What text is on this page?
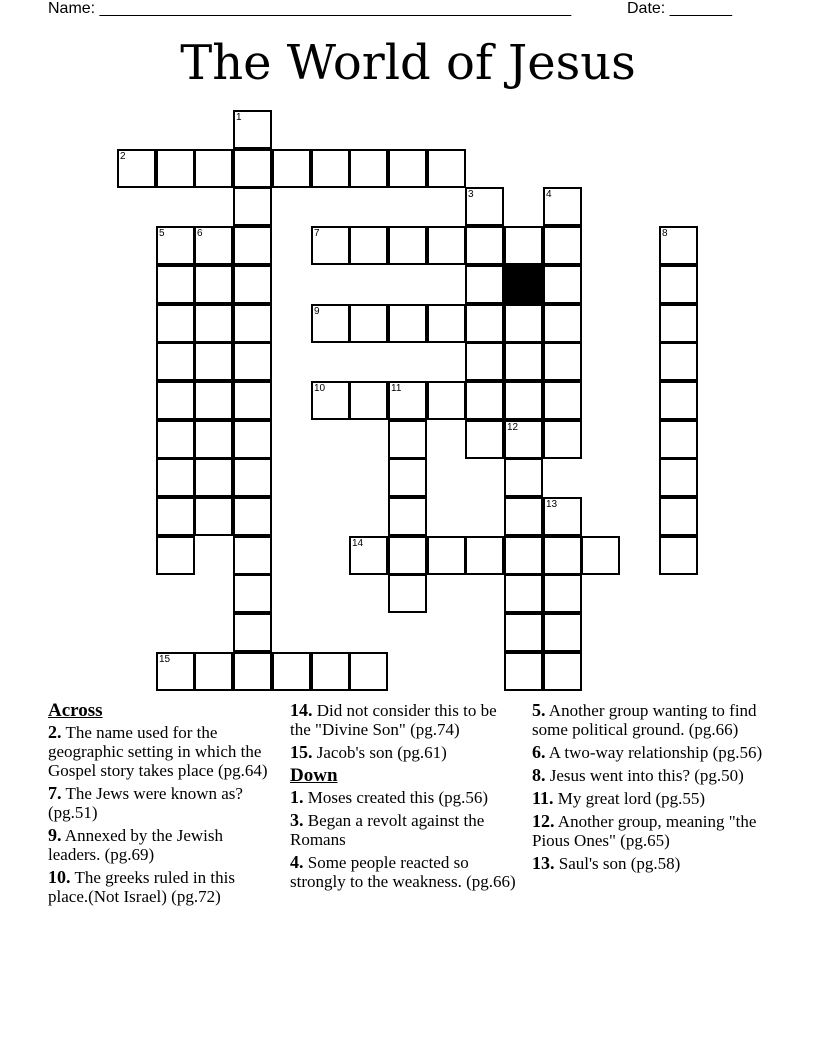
Name: _____________________________________________________	Date: _______
The World of Jesus
1
2
3	4
5	6	7	8
9
10	11
12
13
14
15
Across
2. The name used for the geographic setting in which the Gospel story takes place (pg.64)
7. The Jews were known as? (pg.51)
9. Annexed by the Jewish leaders. (pg.69)
10. The greeks ruled in this place.(Not Israel) (pg.72)
14. Did not consider this to be the "Divine Son" (pg.74)
15. Jacob's son (pg.61)
Down
1. Moses created this (pg.56)
3. Began a revolt against the Romans
4. Some people reacted so strongly to the weakness. (pg.66)
5. Another group wanting to find some political ground. (pg.66)
6. A two-way relationship (pg.56)
8. Jesus went into this? (pg.50)
11. My great lord (pg.55)
12. Another group, meaning "the Pious Ones" (pg.65)
13. Saul's son (pg.58)
